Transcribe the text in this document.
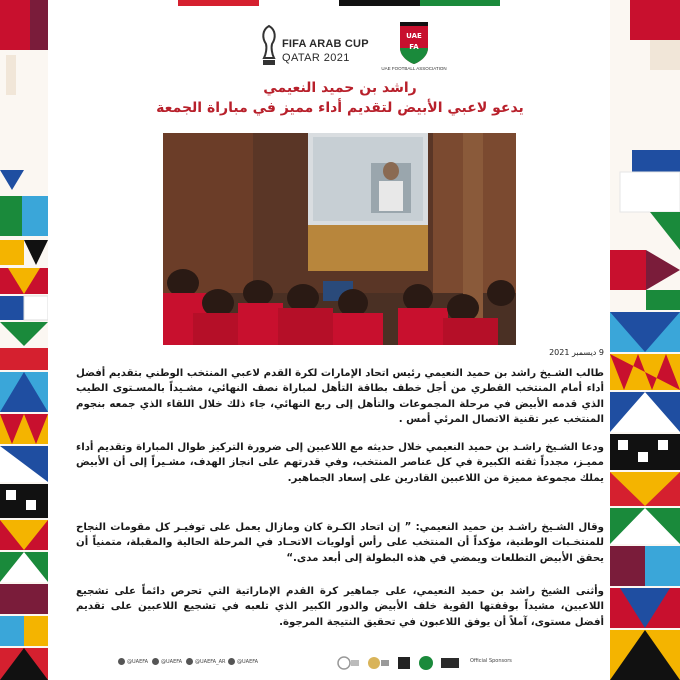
FIFA ARAB CUP
QATAR 2021
UAE
FA
UAE FOOTBALL ASSOCIATION
راشد بن حميد النعيمي
يدعو لاعبي الأبيض لتقديم أداء مميز في مباراة الجمعة
9 ديسمبر 2021
طالب الشـيخ راشد بن حميد النعيمي رئيس اتحاد الإمارات لكرة القدم لاعبي المنتخب الوطني بتقديم أفضل أداء أمام المنتخب القطري من أجل خطف بطاقة التأهل لمباراة نصف النهائي، مشـيداً بالمسـتوى الطيب الذي قدمه الأبيض في مرحلة المجموعات والتأهل إلى ربع النهائي، جاء ذلك خلال اللقاء الذي جمعه بنجوم المنتخب عبر تقنية الاتصال المرئي أمس .
ودعا الشـيخ راشـد بن حميد النعيمي خلال حديثه مع اللاعبين إلى ضرورة التركيز طوال المباراة وتقديم أداء مميـز، مجدداً ثقته الكبيرة في كل عناصر المنتخب، وفي قدرتهم على انجاز الهدف، مشـيراً إلى أن الأبيض يملك مجموعة مميزة من اللاعبين القادرين على إسعاد الجماهير.
وقال الشـيخ راشـد بن حميد النعيمي: ” إن اتحاد الكـرة كان ومازال يعمل على توفيـر كل مقومات النجاح للمنتخـبات الوطنية، مؤكداً أن المنتخب على رأس أولويات الاتحـاد في المرحلة الحالية والمقبلة، متمنياً أن يحقق الأبيض التطلعات ويمضي في هذه البطولة إلى أبعد مدى.“
وأثنى الشيخ راشد بن حميد النعيمي، على جماهير كرة القدم الإماراتية التي تحرص دائماً على تشجيع اللاعبين، مشيداً بوقفتها القوية خلف الأبيض والدور الكبير الذي تلعبه في تشجيع اللاعبين على تقديم أفضل مستوى، آملاً أن يوفق اللاعبون في تحقيق النتيجة المرجوة.
@UAEFA	@UAEFA	@UAEFA_AR @UAEFA	Official Sponsors
